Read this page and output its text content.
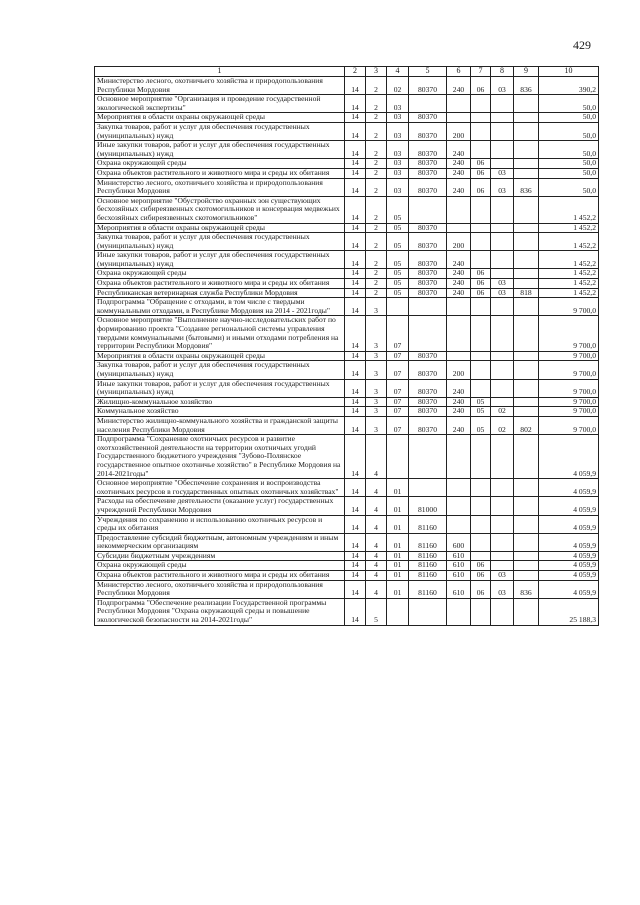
429
1	2	3	4	5	6	7	8	9	10
Министерство лесного, охотничьего хозяйства и природопользования Республики Мордовия	14	2	02	80370	240	06	03	836	390,2
Основное мероприятие "Организация и проведение государственной экологической экспертизы"	14	2	03						50,0
Мероприятия в области охраны окружающей среды	14	2	03	80370					50,0
Закупка товаров, работ и услуг для обеспечения государственных (муниципальных) нужд	14	2	03	80370	200				50,0
Иные закупки товаров, работ и услуг для обеспечения государственных (муниципальных) нужд	14	2	03	80370	240				50,0
Охрана окружающей среды	14	2	03	80370	240	06			50,0
Охрана объектов растительного и животного мира и среды их обитания	14	2	03	80370	240	06	03		50,0
Министерство лесного, охотничьего хозяйства и природопользования Республики Мордовия	14	2	03	80370	240	06	03	836	50,0
Основное мероприятие "Обустройство охранных зон существующих бесхозяйных сибиреязвенных скотомогильников и консервация медвежьих бесхозяйных сибиреязвенных скотомогильников"	14	2	05						1 452,2
Мероприятия в области охраны окружающей среды	14	2	05	80370					1 452,2
Закупка товаров, работ и услуг для обеспечения государственных (муниципальных) нужд	14	2	05	80370	200				1 452,2
Иные закупки товаров, работ и услуг для обеспечения государственных (муниципальных) нужд	14	2	05	80370	240				1 452,2
Охрана окружающей среды	14	2	05	80370	240	06			1 452,2
Охрана объектов растительного и животного мира и среды их обитания	14	2	05	80370	240	06	03		1 452,2
Республиканская ветеринарная служба Республики Мордовия	14	2	05	80370	240	06	03	818	1 452,2
Подпрограмма "Обращение с отходами, в том числе с твердыми коммунальными отходами, в Республике Мордовия на 2014 - 2021годы"	14	3							9 700,0
Основное мероприятие "Выполнение научно-исследовательских работ по формированию проекта "Создание региональной системы управления твердыми коммунальными (бытовыми) и иными отходами потребления на территории Республики Мордовия"	14	3	07						9 700,0
Мероприятия в области охраны окружающей среды	14	3	07	80370					9 700,0
Закупка товаров, работ и услуг для обеспечения государственных (муниципальных) нужд	14	3	07	80370	200				9 700,0
Иные закупки товаров, работ и услуг для обеспечения государственных (муниципальных) нужд	14	3	07	80370	240				9 700,0
Жилищно-коммунальное хозяйство	14	3	07	80370	240	05			9 700,0
Коммунальное хозяйство	14	3	07	80370	240	05	02		9 700,0
Министерство жилищно-коммунального хозяйства и гражданской защиты населения Республики Мордовия	14	3	07	80370	240	05	02	802	9 700,0
Подпрограмма "Сохранение охотничьих ресурсов и развитие охотхозяйственной деятельности на территории охотничьих угодий Государственного бюджетного учреждения "Зубово-Полянское государственное опытное охотничье хозяйство" в Республике Мордовия на 2014-2021годы"	14	4							4 059,9
Основное мероприятие "Обеспечение сохранения и воспроизводства охотничьих ресурсов в государственных опытных охотничьих хозяйствах"	14	4	01						4 059,9
Расходы на обеспечение деятельности (оказание услуг) государственных учреждений Республики Мордовия	14	4	01	81000					4 059,9
Учреждения по сохранению и использованию охотничьих ресурсов и среды их обитания	14	4	01	81160					4 059,9
Предоставление субсидий бюджетным, автономным учреждениям и иным некоммерческим организациям	14	4	01	81160	600				4 059,9
Субсидии бюджетным учреждениям	14	4	01	81160	610				4 059,9
Охрана окружающей среды	14	4	01	81160	610	06			4 059,9
Охрана объектов растительного и животного мира и среды их обитания	14	4	01	81160	610	06	03		4 059,9
Министерство лесного, охотничьего хозяйства и природопользования Республики Мордовия	14	4	01	81160	610	06	03	836	4 059,9
Подпрограмма "Обеспечение реализации Государственной программы Республики Мордовия "Охрана окружающей среды и повышение экологической безопасности на 2014-2021годы"	14	5							25 188,3
